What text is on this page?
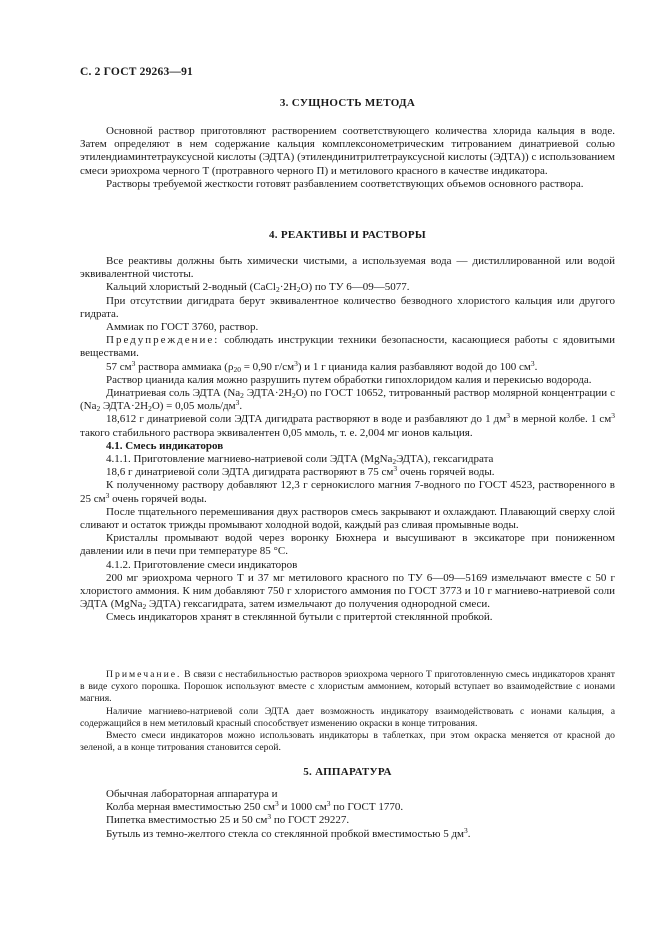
С. 2 ГОСТ 29263—91
3. СУЩНОСТЬ МЕТОДА

Основной раствор приготовляют растворением соответствующего количества хлорида кальция в воде. Затем определяют в нем содержание кальция комплексонометрическим титрованием динатриевой солью этилендиаминтетрауксусной кислоты (ЭДТА) (этилендинитрилтетрауксусной кислоты (ЭДТА)) с использованием смеси эриохрома черного Т (протравного черного П) и метилового красного в качестве индикатора.

Растворы требуемой жесткости готовят разбавлением соответствующих объемов основного раствора.

4. РЕАКТИВЫ И РАСТВОРЫ

Все реактивы должны быть химически чистыми, а используемая вода — дистиллированной или водой эквивалентной чистоты.

Кальций хлористый 2-водный $(CaCl_2\cdot 2H_2O)$ по ТУ 6—09—5077.

При отсутствии дигидрата берут эквивалентное количество безводного хлористого кальция или другого гидрата.

Аммиак по ГОСТ 3760, раствор.

Предупреждение: соблюдать инструкции техники безопасности, касающиеся работы с ядовитыми веществами.

57 $см^3$ раствора аммиака ($\rho_{20} = 0,90$ $г/см^3$) и 1 г цианида калия разбавляют водой до 100 $см^3$.

Раствор цианида калия можно разрушить путем обработки гипохлоридом калия и перекисью водорода.

Динатриевая соль ЭДТА ($Na_2$ $ЭДТА\cdot 2H_2O$) по ГОСТ 10652, титрованный раствор молярной концентрации c ($Na_2$ $ЭДТА\cdot 2H_2O) = 0,05$ моль/$дм^3$.

18,612 г динатриевой соли ЭДТА дигидрата растворяют в воде и разбавляют до 1 $дм^3$ в мерной колбе. 1 $см^3$ такого стабильного раствора эквивалентен 0,05 ммоль, т. е. 2,004 мг ионов кальция.

4.1. Смесь индикаторов

4.1.1. Приготовление магниево-натриевой соли ЭДТА (MgNa$_2$ЭДТА), гексагидрата

18,6 г динатриевой соли ЭДТА дигидрата растворяют в 75 $см^3$ очень горячей воды.

К полученному раствору добавляют 12,3 г сернокислого магния 7-водного по ГОСТ 4523, растворенного в 25 $см^3$ очень горячей воды.

После тщательного перемешивания двух растворов смесь закрывают и охлаждают. Плавающий сверху слой сливают и остаток трижды промывают холодной водой, каждый раз сливая промывные воды.

Кристаллы промывают водой через воронку Бюхнера и высушивают в эксикаторе при пониженном давлении или в печи при температуре 85 °С.

4.1.2. Приготовление смеси индикаторов

200 мг эриохрома черного Т и 37 мг метилового красного по ТУ 6—09—5169 измельчают вместе с 50 г хлористого аммония. К ним добавляют 750 г хлористого аммония по ГОСТ 3773 и 10 г магниево-натриевой соли ЭДТА (MgNa$_2$ ЭДТА) гексагидрата, затем измельчают до получения однородной смеси.

Смесь индикаторов хранят в стеклянной бутыли с притертой стеклянной пробкой.

Примечание. В связи с нестабильностью растворов эриохрома черного Т приготовленную смесь индикаторов хранят в виде сухого порошка. Порошок используют вместе с хлористым аммонием, который вступает во взаимодействие с ионами магния.

Наличие магниево-натриевой соли ЭДТА дает возможность индикатору взаимодействовать с ионами кальция, а содержащийся в нем метиловый красный способствует изменению окраски в конце титрования.

Вместо смеси индикаторов можно использовать индикаторы в таблетках, при этом окраска меняется от красной до зеленой, а в конце титрования становится серой.

5. АППАРАТУРА

Обычная лабораторная аппаратура и

Колба мерная вместимостью 250 $см^3$ и 1000 $см^3$ по ГОСТ 1770.

Пипетка вместимостью 25 и 50 $см^3$ по ГОСТ 29227.

Бутыль из темно-желтого стекла со стеклянной пробкой вместимостью 5 $дм^3$.
